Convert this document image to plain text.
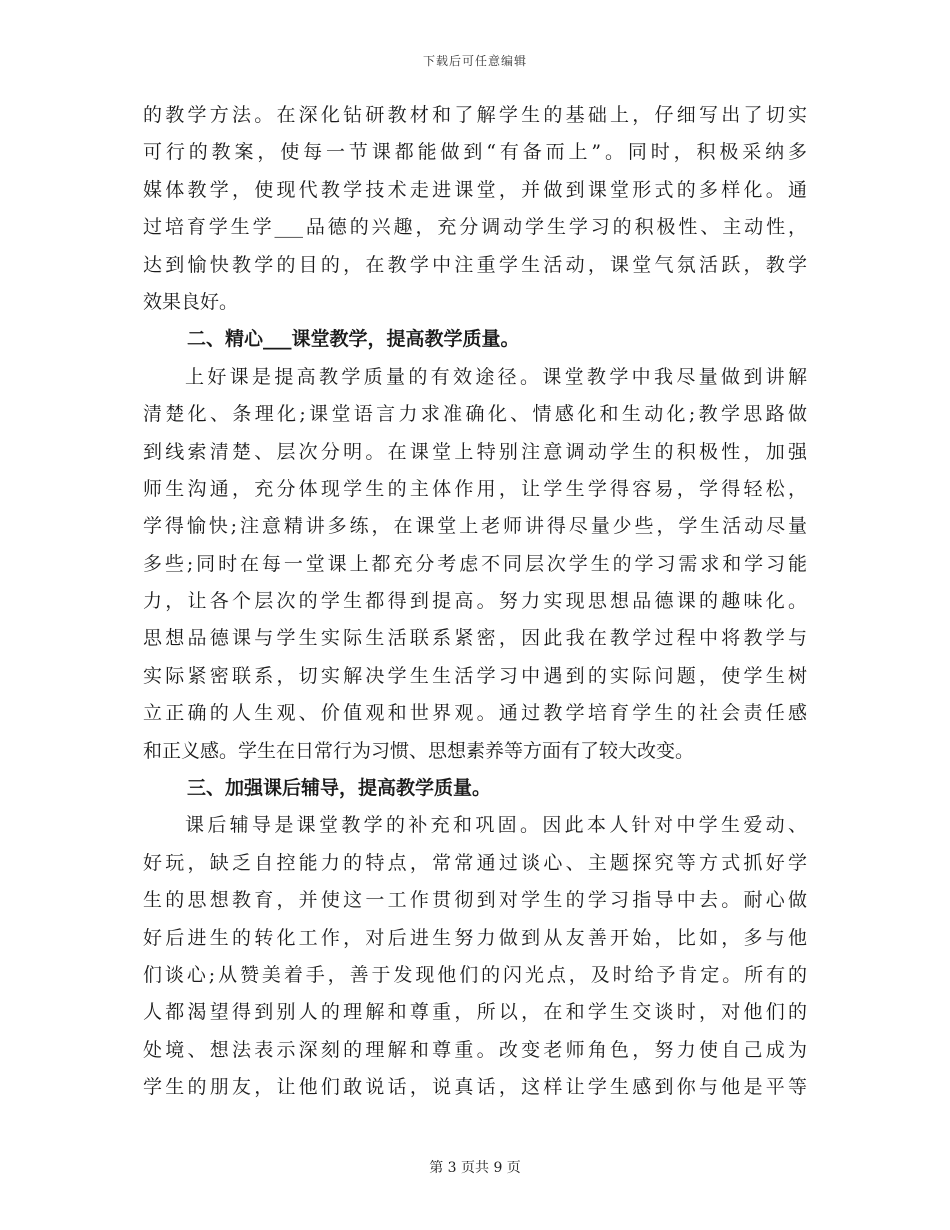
下载后可任意编辑
的教学方法。在深化钻研教材和了解学生的基础上，仔细写出了切实
可行的教案，使每一节课都能做到“有备而上”。同时，积极采纳多
媒体教学，使现代教学技术走进课堂，并做到课堂形式的多样化。通
过培育学生学___品德的兴趣，充分调动学生学习的积极性、主动性，
达到愉快教学的目的，在教学中注重学生活动，课堂气氛活跃，教学
效果良好。
二、精心___课堂教学，提高教学质量。
上好课是提高教学质量的有效途径。课堂教学中我尽量做到讲解
清楚化、条理化;课堂语言力求准确化、情感化和生动化;教学思路做
到线索清楚、层次分明。在课堂上特别注意调动学生的积极性，加强
师生沟通，充分体现学生的主体作用，让学生学得容易，学得轻松，
学得愉快;注意精讲多练，在课堂上老师讲得尽量少些，学生活动尽量
多些;同时在每一堂课上都充分考虑不同层次学生的学习需求和学习能
力，让各个层次的学生都得到提高。努力实现思想品德课的趣味化。
思想品德课与学生实际生活联系紧密，因此我在教学过程中将教学与
实际紧密联系，切实解决学生生活学习中遇到的实际问题，使学生树
立正确的人生观、价值观和世界观。通过教学培育学生的社会责任感
和正义感。学生在日常行为习惯、思想素养等方面有了较大改变。
三、加强课后辅导，提高教学质量。
课后辅导是课堂教学的补充和巩固。因此本人针对中学生爱动、
好玩，缺乏自控能力的特点，常常通过谈心、主题探究等方式抓好学
生的思想教育，并使这一工作贯彻到对学生的学习指导中去。耐心做
好后进生的转化工作，对后进生努力做到从友善开始，比如，多与他
们谈心;从赞美着手，善于发现他们的闪光点，及时给予肯定。所有的
人都渴望得到别人的理解和尊重，所以，在和学生交谈时，对他们的
处境、想法表示深刻的理解和尊重。改变老师角色，努力使自己成为
学生的朋友，让他们敢说话，说真话，这样让学生感到你与他是平等
第 3 页共 9 页
